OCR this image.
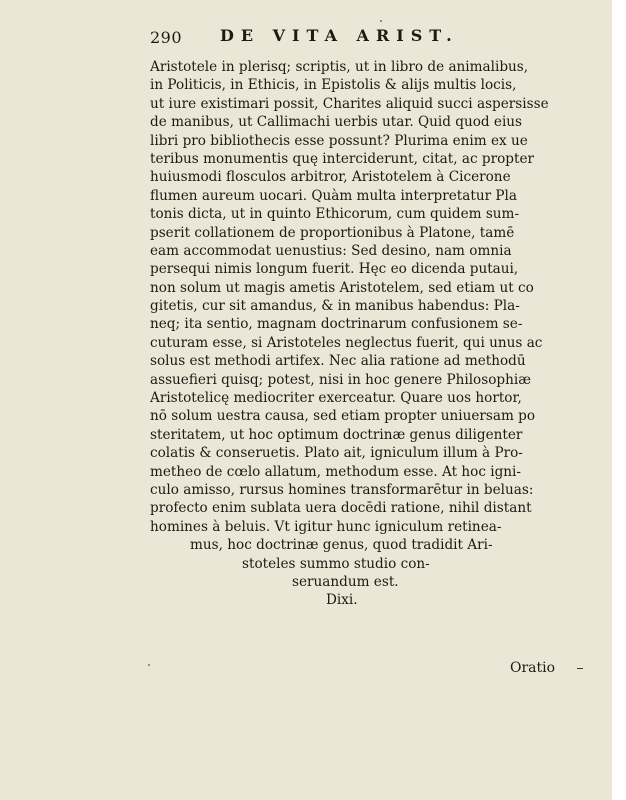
290 DE VITA ARIST.
Aristotele in plerisq; scriptis, ut in libro de animalibus,
in Politicis, in Ethicis, in Epistolis & alijs multis locis,
ut iure existimari possit, Charites aliquid succi aspersisse
de manibus, ut Callimachi uerbis utar. Quid quod eius
libri pro bibliothecis esse possunt? Plurima enim ex ue
teribus monumentis quę interciderunt, citat, ac propter
huiusmodi flosculos arbitror, Aristotelem à Cicerone
flumen aureum uocari. Quàm multa interpretatur Pla
tonis dicta, ut in quinto Ethicorum, cum quidem sum-
pserit collationem de proportionibus à Platone, tamē
eam accommodat uenustius: Sed desino, nam omnia
persequi nimis longum fuerit. Hęc eo dicenda putaui,
non solum ut magis ametis Aristotelem, sed etiam ut co
gitetis, cur sit amandus, & in manibus habendus: Pla-
neq; ita sentio, magnam doctrinarum confusionem se-
cuturam esse, si Aristoteles neglectus fuerit, qui unus ac
solus est methodi artifex. Nec alia ratione ad methodū
assuefieri quisq; potest, nisi in hoc genere Philosophiæ
Aristotelicę mediocriter exerceatur. Quare uos hortor,
nō solum uestra causa, sed etiam propter uniuersam po
steritatem, ut hoc optimum doctrinæ genus diligenter
colatis & conseruetis. Plato ait, igniculum illum à Pro-
metheo de cœlo allatum, methodum esse. At hoc igni-
culo amisso, rursus homines transformarētur in beluas:
profecto enim sublata uera docēdi ratione, nihil distant
homines à beluis. Vt igitur hunc igniculum retinea-
mus, hoc doctrinæ genus, quod tradidit Ari-
stoteles summo studio con-
seruandum est.
Dixi.
Oratio
